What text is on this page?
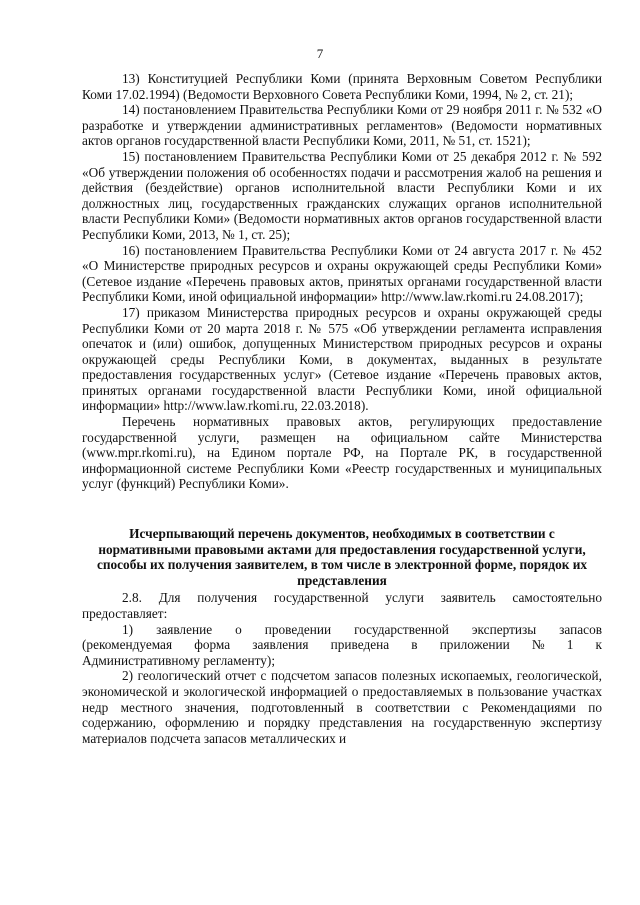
7

13) Конституцией Республики Коми (принята Верховным Советом Республики Коми 17.02.1994) (Ведомости Верховного Совета Республики Коми, 1994, № 2, ст. 21);

14) постановлением Правительства Республики Коми от 29 ноября 2011 г. № 532 «О разработке и утверждении административных регламентов» (Ведомости нормативных актов органов государственной власти Республики Коми, 2011, № 51, ст. 1521);

15) постановлением Правительства Республики Коми от 25 декабря 2012 г. № 592 «Об утверждении положения об особенностях подачи и рассмотрения жалоб на решения и действия (бездействие) органов исполнительной власти Республики Коми и их должностных лиц, государственных гражданских служащих органов исполнительной власти Республики Коми» (Ведомости нормативных актов органов государственной власти Республики Коми, 2013, № 1, ст. 25);

16) постановлением Правительства Республики Коми от 24 августа 2017 г. № 452 «О Министерстве природных ресурсов и охраны окружающей среды Республики Коми» (Сетевое издание «Перечень правовых актов, принятых органами государственной власти Республики Коми, иной официальной информации» http://www.law.rkomi.ru 24.08.2017);

17) приказом Министерства природных ресурсов и охраны окружающей среды Республики Коми от 20 марта 2018 г. № 575 «Об утверждении регламента исправления опечаток и (или) ошибок, допущенных Министерством природных ресурсов и охраны окружающей среды Республики Коми, в документах, выданных в результате предоставления государственных услуг» (Сетевое издание «Перечень правовых актов, принятых органами государственной власти Республики Коми, иной официальной информации» http://www.law.rkomi.ru, 22.03.2018).

Перечень нормативных правовых актов, регулирующих предоставление государственной услуги, размещен на официальном сайте Министерства (www.mpr.rkomi.ru), на Едином портале РФ, на Портале РК, в государственной информационной системе Республики Коми «Реестр государственных и муниципальных услуг (функций) Республики Коми».

Исчерпывающий перечень документов, необходимых в соответствии с нормативными правовыми актами для предоставления государственной услуги, способы их получения заявителем, в том числе в электронной форме, порядок их представления

2.8. Для получения государственной услуги заявитель самостоятельно предоставляет:

1) заявление о проведении государственной экспертизы запасов
(рекомендуемая форма заявления приведена в приложении № 1 к
Административному регламенту);

2) геологический отчет с подсчетом запасов полезных ископаемых, геологической, экономической и экологической информацией о предоставляемых в пользование участках недр местного значения, подготовленный в соответствии с Рекомендациями по содержанию, оформлению и порядку представления на государственную экспертизу материалов подсчета запасов металлических и
